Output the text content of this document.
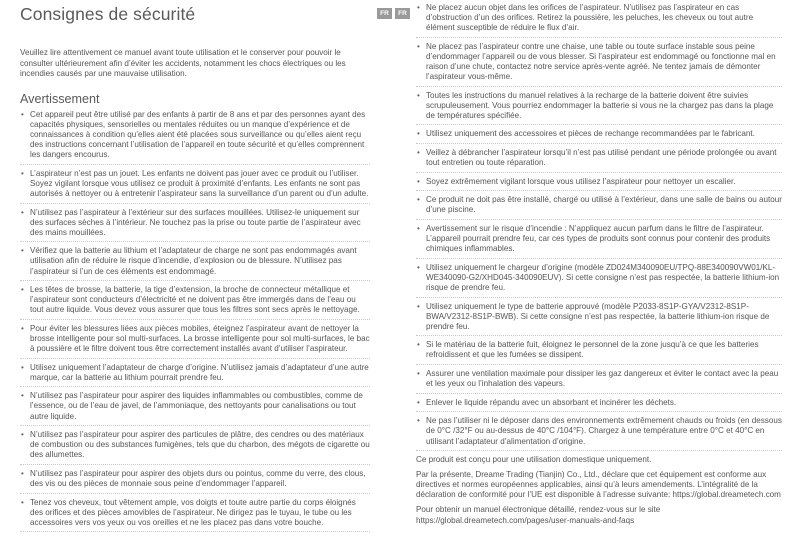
Consignes de sécurité

Veuillez lire attentivement ce manuel avant toute utilisation et le conserver pour pouvoir le consulter ultérieurement afin d’éviter les accidents, notamment les chocs électriques ou les incendies causés par une mauvaise utilisation.

Avertissement
• Cet appareil peut être utilisé par des enfants à partir de 8 ans et par des personnes ayant des capacités physiques, sensorielles ou mentales réduites ou un manque d’expérience et de connaissances à condition qu’elles aient été placées sous surveillance ou qu’elles aient reçu des instructions concernant l’utilisation de l’appareil en toute sécurité et qu’elles comprennent les dangers encourus.
• L’aspirateur n’est pas un jouet. Les enfants ne doivent pas jouer avec ce produit ou l’utiliser. Soyez vigilant lorsque vous utilisez ce produit à proximité d’enfants. Les enfants ne sont pas autorisés à nettoyer ou à entretenir l’aspirateur sans la surveillance d’un parent ou d’un adulte.
• N’utilisez pas l’aspirateur à l’extérieur sur des surfaces mouillées. Utilisez-le uniquement sur des surfaces sèches à l’intérieur. Ne touchez pas la prise ou toute partie de l’aspirateur avec des mains mouillées.
• Vérifiez que la batterie au lithium et l’adaptateur de charge ne sont pas endommagés avant utilisation afin de réduire le risque d’incendie, d’explosion ou de blessure. N’utilisez pas l’aspirateur si l’un de ces éléments est endommagé.
• Les têtes de brosse, la batterie, la tige d’extension, la broche de connecteur métallique et l’aspirateur sont conducteurs d’électricité et ne doivent pas être immergés dans de l’eau ou tout autre liquide. Vous devez vous assurer que tous les filtres sont secs après le nettoyage.
• Pour éviter les blessures liées aux pièces mobiles, éteignez l’aspirateur avant de nettoyer la brosse intelligente pour sol multi-surfaces. La brosse intelligente pour sol multi-surfaces, le bac à poussière et le filtre doivent tous être correctement installés avant d’utiliser l’aspirateur.
• Utilisez uniquement l’adaptateur de charge d’origine. N’utilisez jamais d’adaptateur d’une autre marque, car la batterie au lithium pourrait prendre feu.
• N’utilisez pas l’aspirateur pour aspirer des liquides inflammables ou combustibles, comme de l’essence, ou de l’eau de javel, de l’ammoniaque, des nettoyants pour canalisations ou tout autre liquide.
• N’utilisez pas l’aspirateur pour aspirer des particules de plâtre, des cendres ou des matériaux de combustion ou des substances fumigènes, tels que du charbon, des mégots de cigarette ou des allumettes.
• N’utilisez pas l’aspirateur pour aspirer des objets durs ou pointus, comme du verre, des clous, des vis ou des pièces de monnaie sous peine d’endommager l’appareil.
• Tenez vos cheveux, tout vêtement ample, vos doigts et toute autre partie du corps éloignés des orifices et des pièces amovibles de l’aspirateur. Ne dirigez pas le tuyau, le tube ou les accessoires vers vos yeux ou vos oreilles et ne les placez pas dans votre bouche.
FR	FR
• Ne placez aucun objet dans les orifices de l’aspirateur. N’utilisez pas l’aspirateur en cas d’obstruction d’un des orifices. Retirez la poussière, les peluches, les cheveux ou tout autre élément susceptible de réduire le flux d’air.
• Ne placez pas l’aspirateur contre une chaise, une table ou toute surface instable sous peine d’endommager l’appareil ou de vous blesser. Si l’aspirateur est endommagé ou fonctionne mal en raison d’une chute, contactez notre service après-vente agréé. Ne tentez jamais de démonter l’aspirateur vous-même.
• Toutes les instructions du manuel relatives à la recharge de la batterie doivent être suivies scrupuleusement. Vous pourriez endommager la batterie si vous ne la chargez pas dans la plage de températures spécifiée.
• Utilisez uniquement des accessoires et pièces de rechange recommandées par le fabricant.
• Veillez à débrancher l’aspirateur lorsqu’il n’est pas utilisé pendant une période prolongée ou avant tout entretien ou toute réparation.
• Soyez extrêmement vigilant lorsque vous utilisez l’aspirateur pour nettoyer un escalier.
• Ce produit ne doit pas être installé, chargé ou utilisé à l’extérieur, dans une salle de bains ou autour d’une piscine.
• Avertissement sur le risque d’incendie : N’appliquez aucun parfum dans le filtre de l’aspirateur. L’appareil pourrait prendre feu, car ces types de produits sont connus pour contenir des produits chimiques inflammables.
• Utilisez uniquement le chargeur d’origine (modèle ZD024M340090EU/TPQ-88E340090VW01/KL-WE340090-G2/XHD045-340090EUV). Si cette consigne n’est pas respectée, la batterie lithium-ion risque de prendre feu.
• Utilisez uniquement le type de batterie approuvé (modèle P2033-8S1P-GYA/V2312-8S1P-BWA/V2312-8S1P-BWB). Si cette consigne n’est pas respectée, la batterie lithium-ion risque de prendre feu.
• Si le matériau de la batterie fuit, éloignez le personnel de la zone jusqu’à ce que les batteries refroidissent et que les fumées se dissipent.
• Assurer une ventilation maximale pour dissiper les gaz dangereux et éviter le contact avec la peau et les yeux ou l’inhalation des vapeurs.
• Enlever le liquide répandu avec un absorbant et incinérer les déchets.
• Ne pas l’utiliser ni le déposer dans des environnements extrêmement chauds ou froids (en dessous de 0°C /32°F ou au-dessus de 40°C /104°F). Chargez à une température entre 0°C et 40°C en utilisant l’adaptateur d’alimentation d’origine.

Ce produit est conçu pour une utilisation domestique uniquement.

Par la présente, Dreame Trading (Tianjin) Co., Ltd., déclare que cet équipement est conforme aux directives et normes européennes applicables, ainsi qu’à leurs amendements. L’intégralité de la déclaration de conformité pour l’UE est disponible à l’adresse suivante: https://global.dreametech.com

Pour obtenir un manuel électronique détaillé, rendez-vous sur le site https://global.dreametech.com/pages/user-manuals-and-faqs
